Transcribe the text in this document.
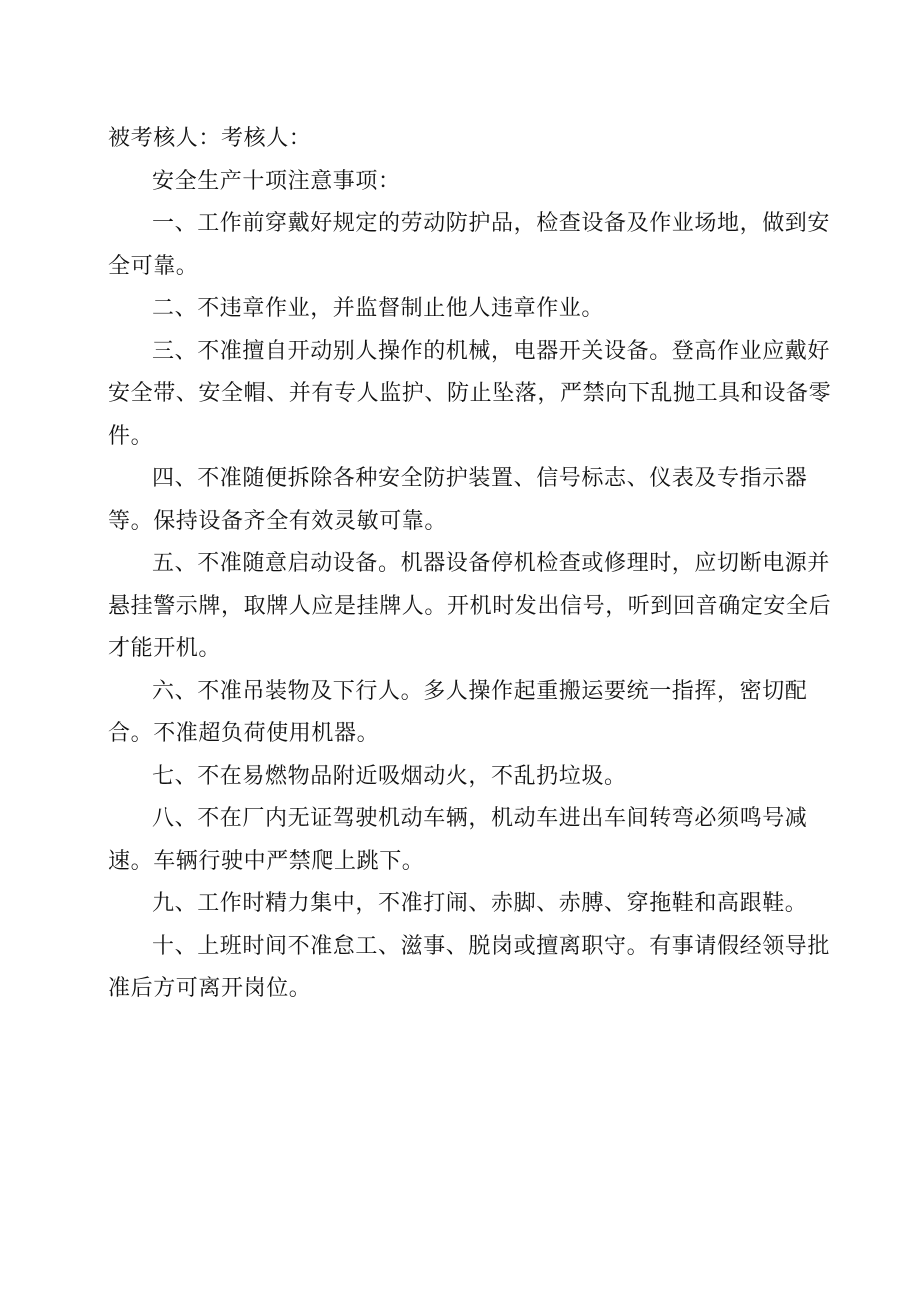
被考核人：考核人：

安全生产十项注意事项：

一、工作前穿戴好规定的劳动防护品，检查设备及作业场地，做到安全可靠。

二、不违章作业，并监督制止他人违章作业。

三、不准擅自开动别人操作的机械，电器开关设备。登高作业应戴好安全带、安全帽、并有专人监护、防止坠落，严禁向下乱抛工具和设备零件。

四、不准随便拆除各种安全防护装置、信号标志、仪表及专指示器等。保持设备齐全有效灵敏可靠。

五、不准随意启动设备。机器设备停机检查或修理时，应切断电源并悬挂警示牌，取牌人应是挂牌人。开机时发出信号，听到回音确定安全后才能开机。

六、不准吊装物及下行人。多人操作起重搬运要统一指挥，密切配合。不准超负荷使用机器。

七、不在易燃物品附近吸烟动火，不乱扔垃圾。

八、不在厂内无证驾驶机动车辆，机动车进出车间转弯必须鸣号减速。车辆行驶中严禁爬上跳下。

九、工作时精力集中，不准打闹、赤脚、赤膊、穿拖鞋和高跟鞋。

十、上班时间不准怠工、滋事、脱岗或擅离职守。有事请假经领导批准后方可离开岗位。
